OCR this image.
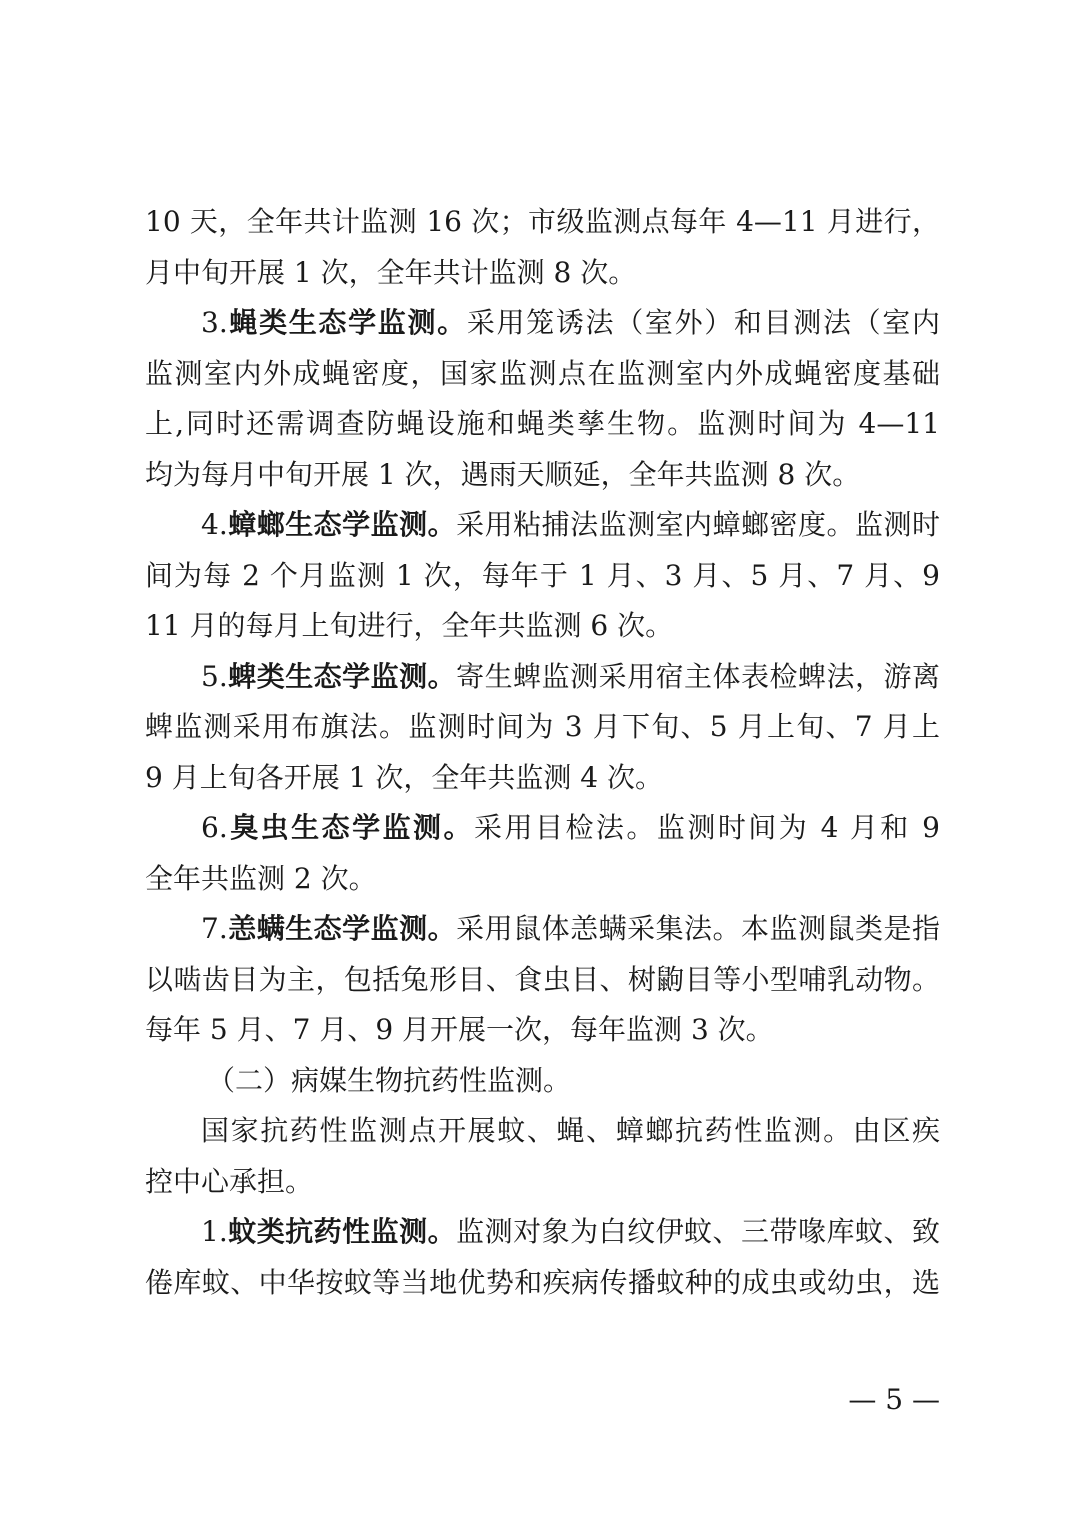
10 天，全年共计监测 16 次；市级监测点每年 4—11 月进行，
月中旬开展 1 次，全年共计监测 8 次。
3.蝇类生态学监测。采用笼诱法（室外）和目测法（室内
监测室内外成蝇密度，国家监测点在监测室内外成蝇密度基础
上,同时还需调查防蝇设施和蝇类孳生物。监测时间为 4—11
均为每月中旬开展 1 次，遇雨天顺延，全年共监测 8 次。
4.蟑螂生态学监测。采用粘捕法监测室内蟑螂密度。监测时
间为每 2 个月监测 1 次，每年于 1 月、3 月、5 月、7 月、9
11 月的每月上旬进行，全年共监测 6 次。
5.蜱类生态学监测。寄生蜱监测采用宿主体表检蜱法，游离
蜱监测采用布旗法。监测时间为 3 月下旬、5 月上旬、7 月上
9 月上旬各开展 1 次，全年共监测 4 次。
6.臭虫生态学监测。采用目检法。监测时间为 4 月和 9
全年共监测 2 次。
7.恙螨生态学监测。采用鼠体恙螨采集法。本监测鼠类是指
以啮齿目为主，包括兔形目、食虫目、树鼩目等小型哺乳动物。
每年 5 月、7 月、9 月开展一次，每年监测 3 次。
（二）病媒生物抗药性监测。
国家抗药性监测点开展蚊、蝇、蟑螂抗药性监测。由区疾
控中心承担。
1.蚊类抗药性监测。监测对象为白纹伊蚊、三带喙库蚊、致
倦库蚊、中华按蚊等当地优势和疾病传播蚊种的成虫或幼虫，选
— 5 —
